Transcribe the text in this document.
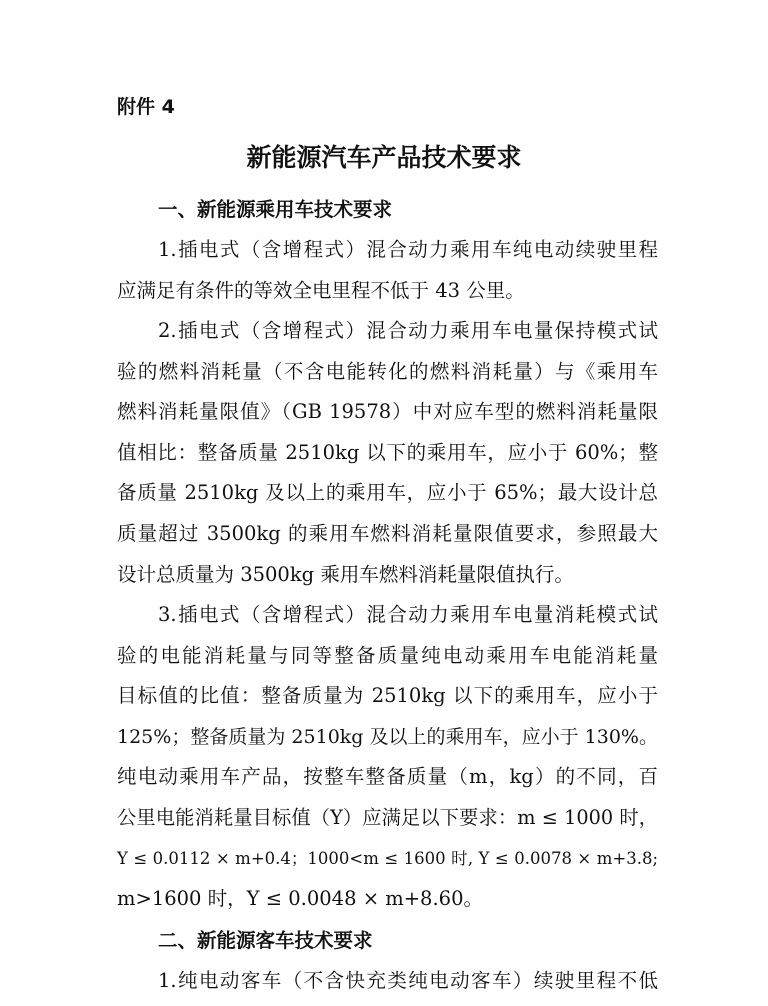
附件 4
新能源汽车产品技术要求
一、新能源乘用车技术要求
1.插电式（含增程式）混合动力乘用车纯电动续驶里程
应满足有条件的等效全电里程不低于 43 公里。
2.插电式（含增程式）混合动力乘用车电量保持模式试
验的燃料消耗量（不含电能转化的燃料消耗量）与《乘用车
燃料消耗量限值》（GB 19578）中对应车型的燃料消耗量限
值相比：整备质量 2510kg 以下的乘用车，应小于 60%；整
备质量 2510kg 及以上的乘用车，应小于 65%；最大设计总
质量超过 3500kg 的乘用车燃料消耗量限值要求，参照最大
设计总质量为 3500kg 乘用车燃料消耗量限值执行。
3.插电式（含增程式）混合动力乘用车电量消耗模式试
验的电能消耗量与同等整备质量纯电动乘用车电能消耗量
目标值的比值：整备质量为 2510kg 以下的乘用车，应小于
125%；整备质量为 2510kg 及以上的乘用车，应小于 130%。
纯电动乘用车产品，按整车整备质量（m，kg）的不同，百
公里电能消耗量目标值（Y）应满足以下要求：m ≤ 1000 时，
Y ≤ 0.0112 × m+0.4；1000<m ≤ 1600 时, Y ≤ 0.0078 × m+3.8;
m>1600 时，Y ≤ 0.0048 × m+8.60。
二、新能源客车技术要求
1.纯电动客车（不含快充类纯电动客车）续驶里程不低
